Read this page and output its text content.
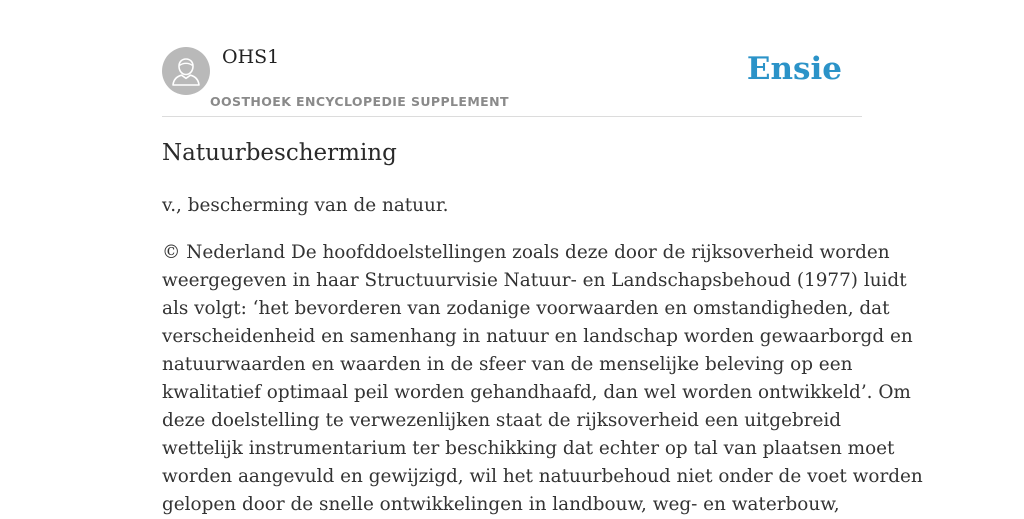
OHS1
OOSTHOEK ENCYCLOPEDIE SUPPLEMENT
Ensie
Natuurbescherming

v., bescherming van de natuur.

© Nederland De hoofddoelstellingen zoals deze door de rijksoverheid worden
weergegeven in haar Structuurvisie Natuur- en Landschapsbehoud (1977) luidt
als volgt: ‘het bevorderen van zodanige voorwaarden en omstandigheden, dat
verscheidenheid en samenhang in natuur en landschap worden gewaarborgd en
natuurwaarden en waarden in de sfeer van de menselijke beleving op een
kwalitatief optimaal peil worden gehandhaafd, dan wel worden ontwikkeld’. Om
deze doelstelling te verwezenlijken staat de rijksoverheid een uitgebreid
wettelijk instrumentarium ter beschikking dat echter op tal van plaatsen moet
worden aangevuld en gewijzigd, wil het natuurbehoud niet onder de voet worden
gelopen door de snelle ontwikkelingen in landbouw, weg- en waterbouw,
